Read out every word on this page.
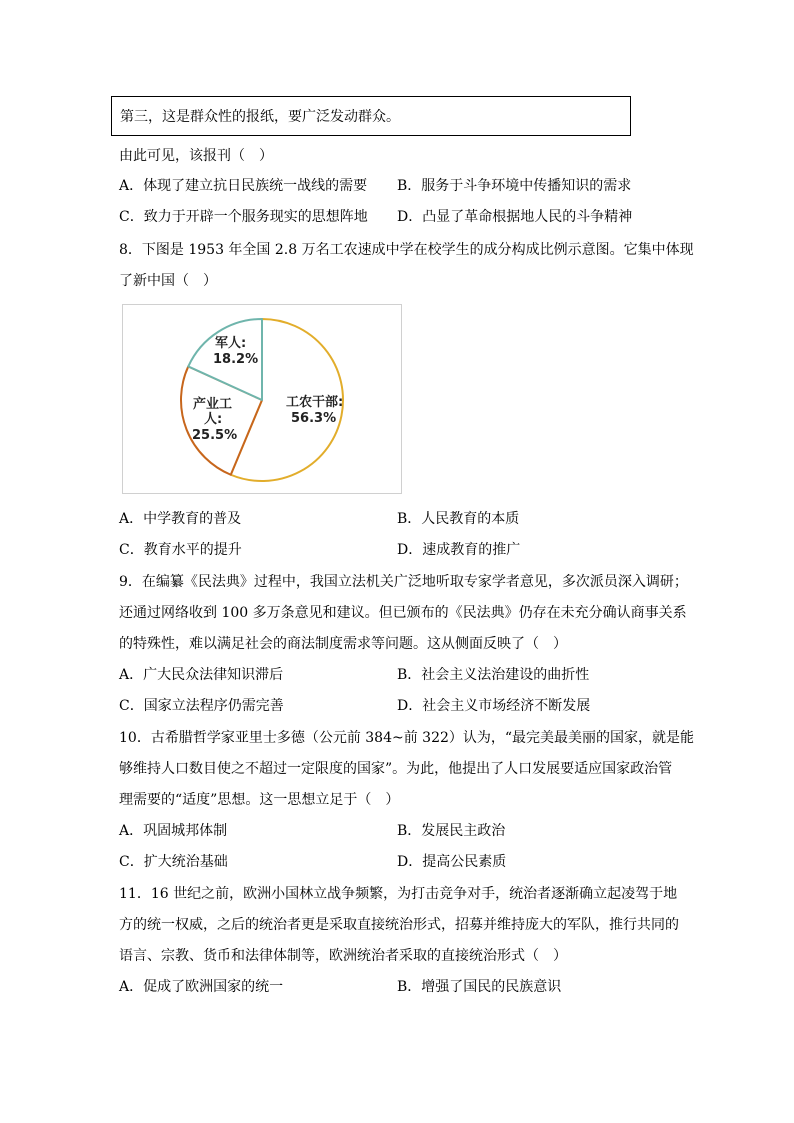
第三，这是群众性的报纸，要广泛发动群众。
由此可见，该报刊（　）
A．体现了建立抗日民族统一战线的需要 B．服务于斗争环境中传播知识的需求
C．致力于开辟一个服务现实的思想阵地 D．凸显了革命根据地人民的斗争精神
8．下图是 1953 年全国 2.8 万名工农速成中学在校学生的成分构成比例示意图。它集中体现
了新中国（　）
工农干部:
56.3%
产业工
人:
25.5%
军人:
18.2%
A．中学教育的普及	B．人民教育的本质
C．教育水平的提升	D．速成教育的推广
9．在编纂《民法典》过程中，我国立法机关广泛地听取专家学者意见，多次派员深入调研；
还通过网络收到 100 多万条意见和建议。但已颁布的《民法典》仍存在未充分确认商事关系
的特殊性，难以满足社会的商法制度需求等问题。这从侧面反映了（　）
A．广大民众法律知识滞后	B．社会主义法治建设的曲折性
C．国家立法程序仍需完善	D．社会主义市场经济不断发展
10．古希腊哲学家亚里士多德（公元前 384~前 322）认为，“最完美最美丽的国家，就是能
够维持人口数目使之不超过一定限度的国家”。为此，他提出了人口发展要适应国家政治管
理需要的“适度”思想。这一思想立足于（　）
A．巩固城邦体制	B．发展民主政治
C．扩大统治基础	D．提高公民素质
11．16 世纪之前，欧洲小国林立战争频繁，为打击竞争对手，统治者逐渐确立起凌驾于地
方的统一权威，之后的统治者更是采取直接统治形式，招募并维持庞大的军队，推行共同的
语言、宗教、货币和法律体制等，欧洲统治者采取的直接统治形式（　）
A．促成了欧洲国家的统一	B．增强了国民的民族意识
